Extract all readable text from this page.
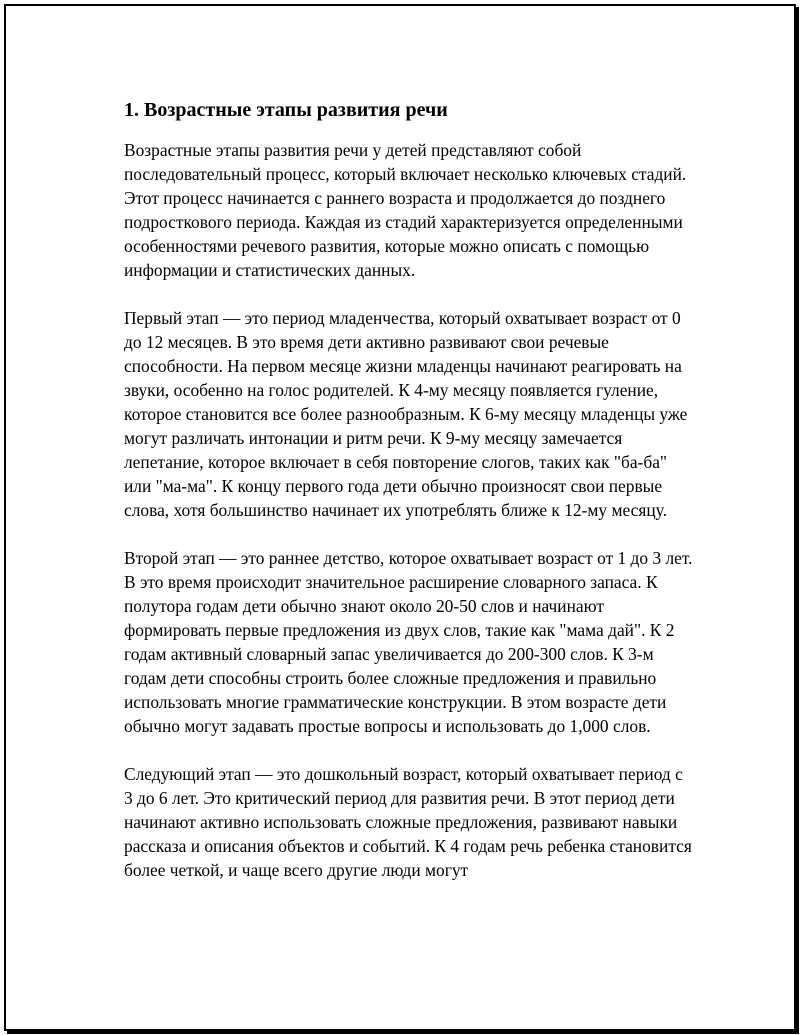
1. Возрастные этапы развития речи

Возрастные этапы развития речи у детей представляют собой последовательный процесс, который включает несколько ключевых стадий. Этот процесс начинается с раннего возраста и продолжается до позднего подросткового периода. Каждая из стадий характеризуется определенными особенностями речевого развития, которые можно описать с помощью информации и статистических данных.

Первый этап — это период младенчества, который охватывает возраст от 0 до 12 месяцев. В это время дети активно развивают свои речевые способности. На первом месяце жизни младенцы начинают реагировать на звуки, особенно на голос родителей. К 4-му месяцу появляется гуление, которое становится все более разнообразным. К 6-му месяцу младенцы уже могут различать интонации и ритм речи. К 9-му месяцу замечается лепетание, которое включает в себя повторение слогов, таких как "ба-ба" или "ма-ма". К концу первого года дети обычно произносят свои первые слова, хотя большинство начинает их употреблять ближе к 12-му месяцу.

Второй этап — это раннее детство, которое охватывает возраст от 1 до 3 лет. В это время происходит значительное расширение словарного запаса. К полутора годам дети обычно знают около 20-50 слов и начинают формировать первые предложения из двух слов, такие как "мама дай". К 2 годам активный словарный запас увеличивается до 200-300 слов. К 3-м годам дети способны строить более сложные предложения и правильно использовать многие грамматические конструкции. В этом возрасте дети обычно могут задавать простые вопросы и использовать до 1,000 слов.

Следующий этап — это дошкольный возраст, который охватывает период с 3 до 6 лет. Это критический период для развития речи. В этот период дети начинают активно использовать сложные предложения, развивают навыки рассказа и описания объектов и событий. К 4 годам речь ребенка становится более четкой, и чаще всего другие люди могут
